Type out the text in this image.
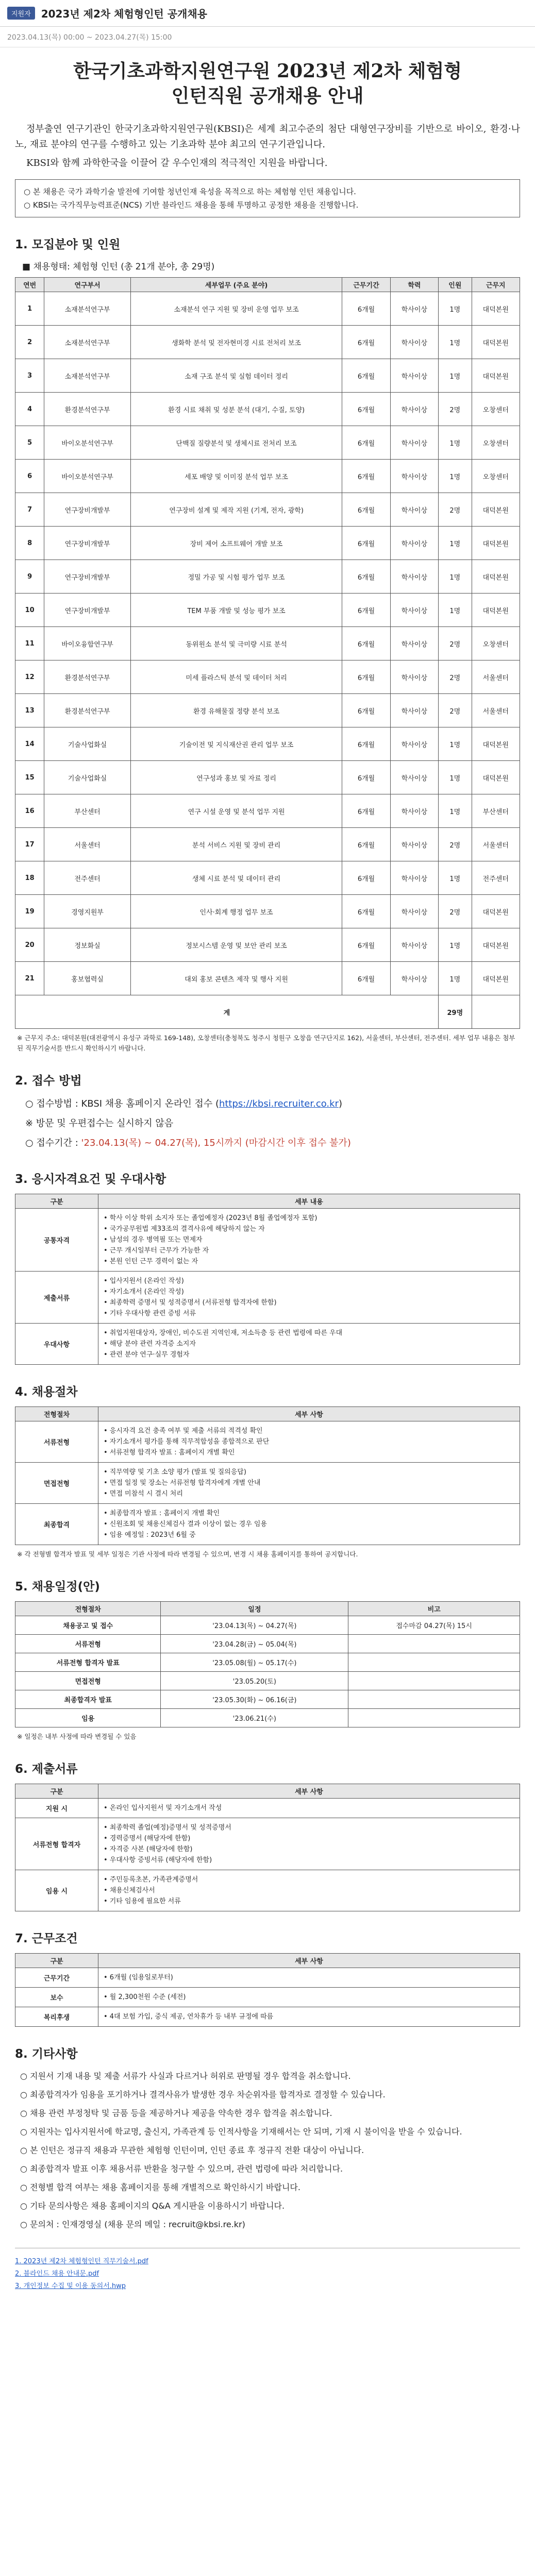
지원자	2023년 제2차 체험형인턴 공개채용
2023.04.13(목) 00:00 ~ 2023.04.27(목) 15:00
한국기초과학지원연구원 2023년 제2차 체험형
인턴직원 공개채용 안내

정부출연 연구기관인 한국기초과학지원연구원(KBSI)은 세계 최고수준의 첨단 대형연구장비를 기반으로 바이오, 환경·나노, 재료 분야의 연구를 수행하고 있는 기초과학 분야 최고의 연구기관입니다.

KBSI와 함께 과학한국을 이끌어 갈 우수인재의 적극적인 지원을 바랍니다.

○ 본 채용은 국가 과학기술 발전에 기여할 청년인재 육성을 목적으로 하는 체험형 인턴 채용입니다.
○ KBSI는 국가직무능력표준(NCS) 기반 블라인드 채용을 통해 투명하고 공정한 채용을 진행합니다.
1. 모집분야 및 인원
■ 채용형태: 체험형 인턴 (총 21개 분야, 총 29명)
연번	연구부서	세부업무 (주요 분야)	근무기간	학력	인원	근무지
1	소재분석연구부	소재분석 연구 지원 및 장비 운영 업무 보조	6개월	학사이상	1명	대덕본원
2	소재분석연구부	생화학 분석 및 전자현미경 시료 전처리 보조	6개월	학사이상	1명	대덕본원
3	소재분석연구부	소재 구조 분석 및 실험 데이터 정리	6개월	학사이상	1명	대덕본원
4	환경분석연구부	환경 시료 채취 및 성분 분석 (대기, 수질, 토양)	6개월	학사이상	2명	오창센터
5	바이오분석연구부	단백질 질량분석 및 생체시료 전처리 보조	6개월	학사이상	1명	오창센터
6	바이오분석연구부	세포 배양 및 이미징 분석 업무 보조	6개월	학사이상	1명	오창센터
7	연구장비개발부	연구장비 설계 및 제작 지원 (기계, 전자, 광학)	6개월	학사이상	2명	대덕본원
8	연구장비개발부	장비 제어 소프트웨어 개발 보조	6개월	학사이상	1명	대덕본원
9	연구장비개발부	정밀 가공 및 시험 평가 업무 보조	6개월	학사이상	1명	대덕본원
10	연구장비개발부	TEM 부품 개발 및 성능 평가 보조	6개월	학사이상	1명	대덕본원
11	바이오융합연구부	동위원소 분석 및 극미량 시료 분석	6개월	학사이상	2명	오창센터
12	환경분석연구부	미세 플라스틱 분석 및 데이터 처리	6개월	학사이상	2명	서울센터
13	환경분석연구부	환경 유해물질 정량 분석 보조	6개월	학사이상	2명	서울센터
14	기술사업화실	기술이전 및 지식재산권 관리 업무 보조	6개월	학사이상	1명	대덕본원
15	기술사업화실	연구성과 홍보 및 자료 정리	6개월	학사이상	1명	대덕본원
16	부산센터	연구 시설 운영 및 분석 업무 지원	6개월	학사이상	1명	부산센터
17	서울센터	분석 서비스 지원 및 장비 관리	6개월	학사이상	2명	서울센터
18	전주센터	생체 시료 분석 및 데이터 관리	6개월	학사이상	1명	전주센터
19	경영지원부	인사·회계 행정 업무 보조	6개월	학사이상	2명	대덕본원
20	정보화실	정보시스템 운영 및 보안 관리 보조	6개월	학사이상	1명	대덕본원
21	홍보협력실	대외 홍보 콘텐츠 제작 및 행사 지원	6개월	학사이상	1명	대덕본원
계					29명	
※ 근무지 주소: 대덕본원(대전광역시 유성구 과학로 169-148), 오창센터(충청북도 청주시 청원구 오창읍 연구단지로 162), 서울센터, 부산센터, 전주센터. 세부 업무 내용은 첨부된 직무기술서를 반드시 확인하시기 바랍니다.
2. 접수 방법
○ 접수방법 : KBSI 채용 홈페이지 온라인 접수 (https://kbsi.recruiter.co.kr)
※ 방문 및 우편접수는 실시하지 않음
○ 접수기간 : '23.04.13(목) ~ 04.27(목), 15시까지 (마감시간 이후 접수 불가)
3. 응시자격요건 및 우대사항
구분	세부 내용
공통자격	• 학사 이상 학위 소지자 또는 졸업예정자 (2023년 8월 졸업예정자 포함)
• 국가공무원법 제33조의 결격사유에 해당하지 않는 자
• 남성의 경우 병역필 또는 면제자
• 근무 개시일부터 근무가 가능한 자
• 본원 인턴 근무 경력이 없는 자
제출서류	• 입사지원서 (온라인 작성)
• 자기소개서 (온라인 작성)
• 최종학력 증명서 및 성적증명서 (서류전형 합격자에 한함)
• 기타 우대사항 관련 증빙 서류
우대사항	• 취업지원대상자, 장애인, 비수도권 지역인재, 저소득층 등 관련 법령에 따른 우대
• 해당 분야 관련 자격증 소지자
• 관련 분야 연구·실무 경험자
4. 채용절차
전형절차	세부 사항
서류전형	• 응시자격 요건 충족 여부 및 제출 서류의 적격성 확인
• 자기소개서 평가를 통해 직무적합성을 종합적으로 판단
• 서류전형 합격자 발표 : 홈페이지 개별 확인
면접전형	• 직무역량 및 기초 소양 평가 (발표 및 질의응답)
• 면접 일정 및 장소는 서류전형 합격자에게 개별 안내
• 면접 미참석 시 결시 처리
최종합격	• 최종합격자 발표 : 홈페이지 개별 확인
• 신원조회 및 채용신체검사 결과 이상이 없는 경우 임용
• 임용 예정일 : 2023년 6월 중
※ 각 전형별 합격자 발표 및 세부 일정은 기관 사정에 따라 변경될 수 있으며, 변경 시 채용 홈페이지를 통하여 공지합니다.
5. 채용일정(안)
전형절차	일정	비고
채용공고 및 접수	'23.04.13(목) ~ 04.27(목)	접수마감 04.27(목) 15시
서류전형	'23.04.28(금) ~ 05.04(목)	
서류전형 합격자 발표	'23.05.08(월) ~ 05.17(수)	
면접전형	'23.05.20(토)	
최종합격자 발표	'23.05.30(화) ~ 06.16(금)	
임용	'23.06.21(수)	
※ 일정은 내부 사정에 따라 변경될 수 있음
6. 제출서류
구분	세부 사항
지원 시	• 온라인 입사지원서 및 자기소개서 작성
서류전형 합격자	• 최종학력 졸업(예정)증명서 및 성적증명서
• 경력증명서 (해당자에 한함)
• 자격증 사본 (해당자에 한함)
• 우대사항 증빙서류 (해당자에 한함)
임용 시	• 주민등록초본, 가족관계증명서
• 채용신체검사서
• 기타 임용에 필요한 서류
7. 근무조건
구분	세부 사항
근무기간	• 6개월 (임용일로부터)
보수	• 월 2,300천원 수준 (세전)
복리후생	• 4대 보험 가입, 중식 제공, 연차휴가 등 내부 규정에 따름
8. 기타사항
○ 지원서 기재 내용 및 제출 서류가 사실과 다르거나 허위로 판명될 경우 합격을 취소합니다.
○ 최종합격자가 임용을 포기하거나 결격사유가 발생한 경우 차순위자를 합격자로 결정할 수 있습니다.
○ 채용 관련 부정청탁 및 금품 등을 제공하거나 제공을 약속한 경우 합격을 취소합니다.
○ 지원자는 입사지원서에 학교명, 출신지, 가족관계 등 인적사항을 기재해서는 안 되며, 기재 시 불이익을 받을 수 있습니다.
○ 본 인턴은 정규직 채용과 무관한 체험형 인턴이며, 인턴 종료 후 정규직 전환 대상이 아닙니다.
○ 최종합격자 발표 이후 채용서류 반환을 청구할 수 있으며, 관련 법령에 따라 처리합니다.
○ 전형별 합격 여부는 채용 홈페이지를 통해 개별적으로 확인하시기 바랍니다.
○ 기타 문의사항은 채용 홈페이지의 Q&A 게시판을 이용하시기 바랍니다.
○ 문의처 : 인재경영실 (채용 문의 메일 : recruit@kbsi.re.kr)
1. 2023년 제2차 체험형인턴 직무기술서.pdf
2. 블라인드 채용 안내문.pdf
3. 개인정보 수집 및 이용 동의서.hwp
